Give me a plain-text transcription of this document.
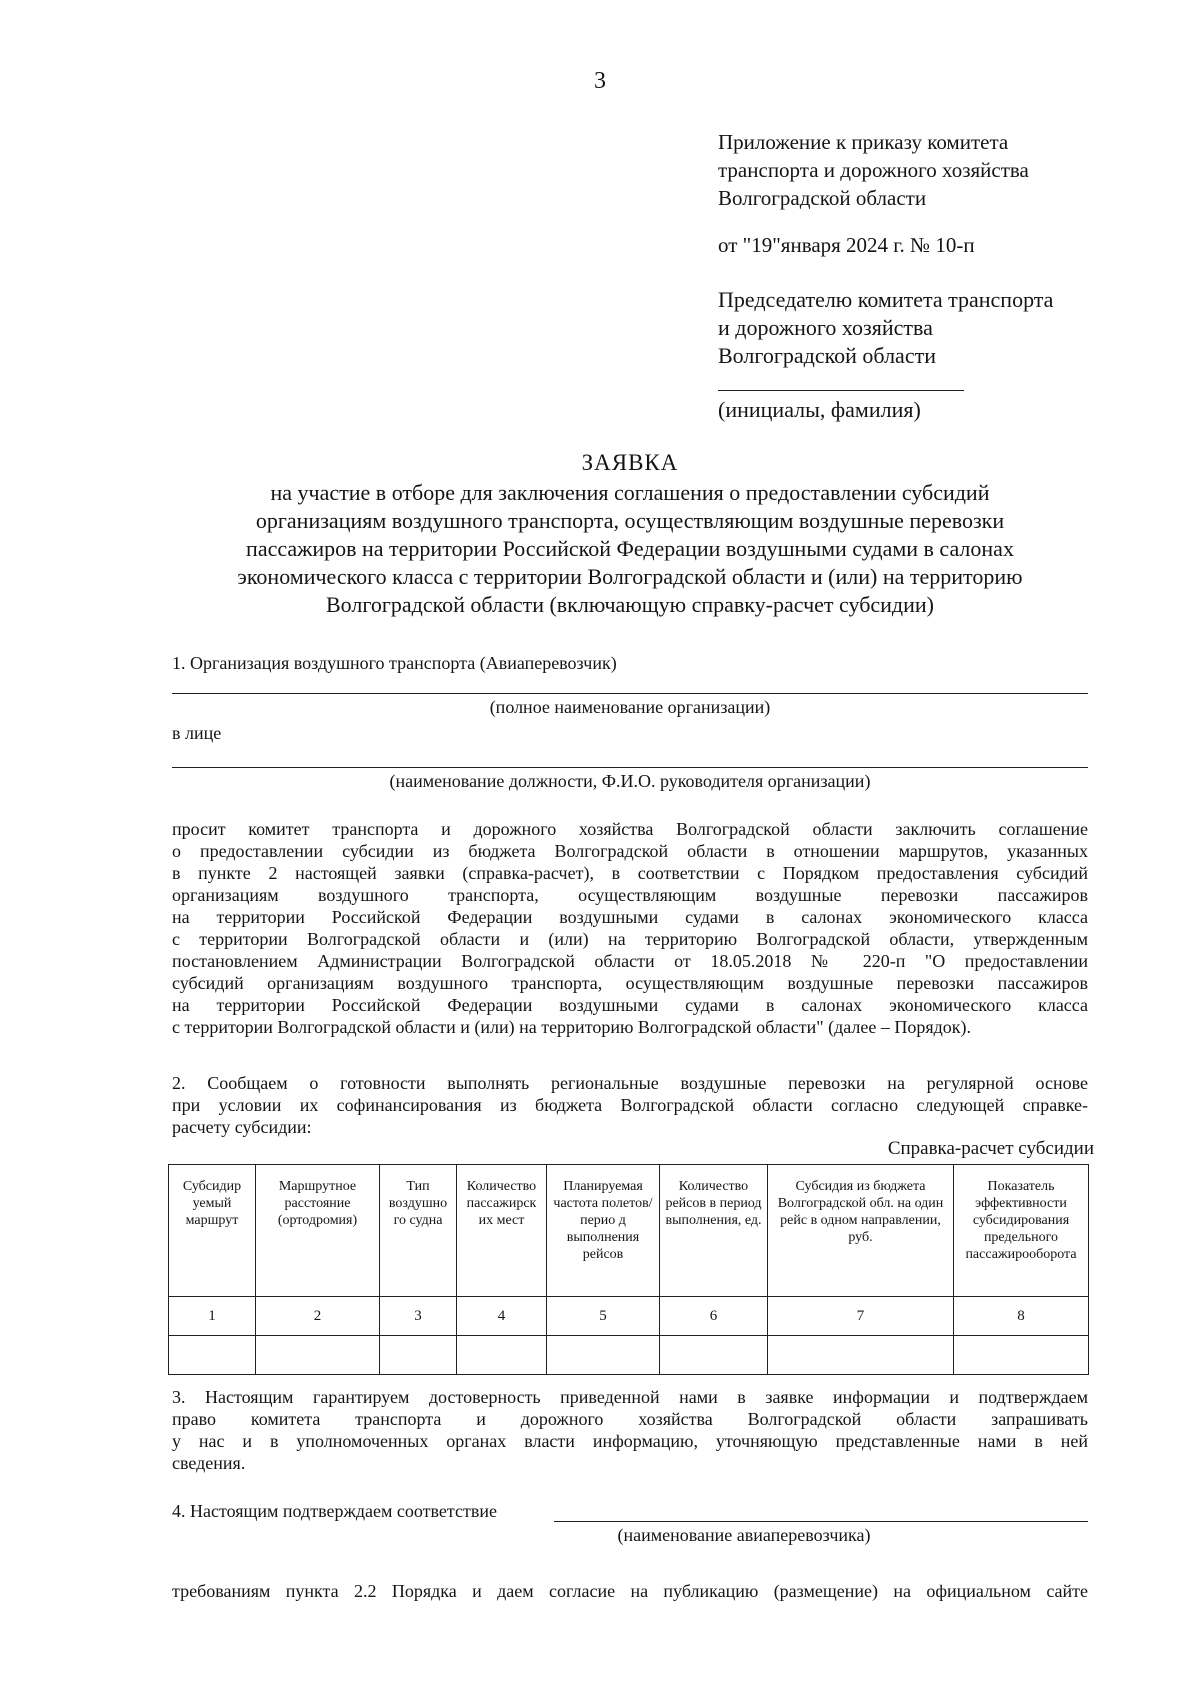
3
Приложение к приказу комитета
транспорта и дорожного хозяйства
Волгоградской области
от "19"января 2024 г. № 10-п
Председателю комитета транспорта
и дорожного хозяйства
Волгоградской области
(инициалы, фамилия)
ЗАЯВКА
на участие в отборе для заключения соглашения о предоставлении субсидий
организациям воздушного транспорта, осуществляющим воздушные перевозки
пассажиров на территории Российской Федерации воздушными судами в салонах
экономического класса с территории Волгоградской области и (или) на территорию
Волгоградской области (включающую справку-расчет субсидии)
1. Организация воздушного транспорта (Авиаперевозчик)
(полное наименование организации)
в лице
(наименование должности, Ф.И.О. руководителя организации)
просит комитет транспорта и дорожного хозяйства Волгоградской области заключить соглашение
о предоставлении субсидии из бюджета Волгоградской области в отношении маршрутов, указанных
в пункте 2 настоящей заявки (справка-расчет), в соответствии с Порядком предоставления субсидий
организациям воздушного транспорта, осуществляющим воздушные перевозки пассажиров
на территории Российской Федерации воздушными судами в салонах экономического класса
с территории Волгоградской области и (или) на территорию Волгоградской области, утвержденным
постановлением Администрации Волгоградской области от 18.05.2018 № 220-п "О предоставлении
субсидий организациям воздушного транспорта, осуществляющим воздушные перевозки пассажиров
на территории Российской Федерации воздушными судами в салонах экономического класса
с территории Волгоградской области и (или) на территорию Волгоградской области" (далее – Порядок).
2. Сообщаем о готовности выполнять региональные воздушные перевозки на регулярной основе
при условии их софинансирования из бюджета Волгоградской области согласно следующей справке-
расчету субсидии:
Справка-расчет субсидии
Субсидир уемый маршрут	Маршрутное расстояние (ортодромия)	Тип воздушно го судна	Количество пассажирск их мест	Планируемая частота полетов/перио д выполнения рейсов	Количество рейсов в период выполнения, ед.	Субсидия из бюджета Волгоградской обл. на один рейс в одном направлении, руб.	Показатель эффективности субсидирования предельного пассажирооборота
1	2	3	4	5	6	7	8

3. Настоящим гарантируем достоверность приведенной нами в заявке информации и подтверждаем
право комитета транспорта и дорожного хозяйства Волгоградской области запрашивать
у нас и в уполномоченных органах власти информацию, уточняющую представленные нами в ней
сведения.
4. Настоящим подтверждаем соответствие
(наименование авиаперевозчика)
требованиям пункта 2.2 Порядка и даем согласие на публикацию (размещение) на официальном сайте
